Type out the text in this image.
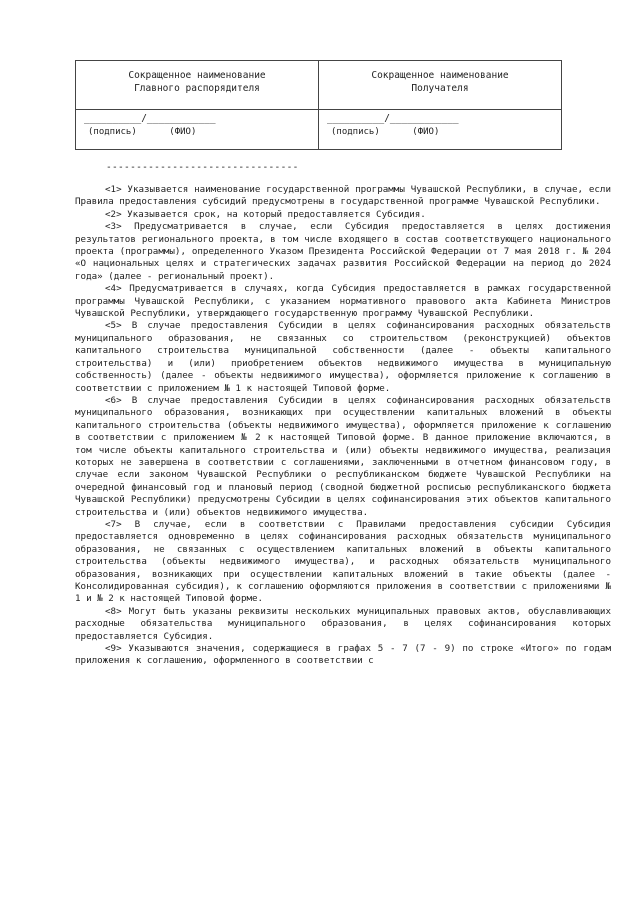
Сокращенное наименование
Главного распорядителя
__________/____________
(подпись)      (ФИО)
Сокращенное наименование
Получателя
__________/____________
(подпись)      (ФИО)
--------------------------------

<1> Указывается наименование государственной программы Чувашской Республики, в случае, если Правила предоставления субсидий предусмотрены в государственной программе Чувашской Республики.

<2> Указывается срок, на который предоставляется Субсидия.

<3> Предусматривается в случае, если Субсидия предоставляется в целях достижения результатов регионального проекта, в том числе входящего в состав соответствующего национального проекта (программы), определенного Указом Президента Российской Федерации от 7 мая 2018 г. № 204 «О национальных целях и стратегических задачах развития Российской Федерации на период до 2024 года» (далее - региональный проект).

<4> Предусматривается в случаях, когда Субсидия предоставляется в рамках государственной программы Чувашской Республики, с указанием нормативного правового акта Кабинета Министров Чувашской Республики, утверждающего государственную программу Чувашской Республики.

<5> В случае предоставления Субсидии в целях софинансирования расходных обязательств муниципального образования, не связанных со строительством (реконструкцией) объектов капитального строительства муниципальной собственности (далее - объекты капитального строительства) и (или) приобретением объектов недвижимого имущества в муниципальную собственность) (далее - объекты недвижимого имущества), оформляется приложение к соглашению в соответствии с приложением № 1 к настоящей Типовой форме.

<6> В случае предоставления Субсидии в целях софинансирования расходных обязательств муниципального образования, возникающих при осуществлении капитальных вложений в объекты капитального строительства (объекты недвижимого имущества), оформляется приложение к соглашению в соответствии с приложением № 2 к настоящей Типовой форме. В данное приложение включаются, в том числе объекты капитального строительства и (или) объекты недвижимого имущества, реализация которых не завершена в соответствии с соглашениями, заключенными в отчетном финансовом году, в случае если законом Чувашской Республики о республиканском бюджете Чувашской Республики на очередной финансовый год и плановый период (сводной бюджетной росписью республиканского бюджета Чувашской Республики) предусмотрены Субсидии в целях софинансирования этих объектов капитального строительства и (или) объектов недвижимого имущества.

<7> В случае, если в соответствии с Правилами предоставления субсидии Субсидия предоставляется одновременно в целях софинансирования расходных обязательств муниципального образования, не связанных с осуществлением капитальных вложений в объекты капитального строительства (объекты недвижимого имущества), и расходных обязательств муниципального образования, возникающих при осуществлении капитальных вложений в такие объекты (далее - Консолидированная субсидия), к соглашению оформляются приложения в соответствии с приложениями № 1 и № 2 к настоящей Типовой форме.

<8> Могут быть указаны реквизиты нескольких муниципальных правовых актов, обуславливающих расходные обязательства муниципального образования, в целях софинансирования которых предоставляется Субсидия.

<9> Указываются значения, содержащиеся в графах 5 - 7 (7 - 9) по строке «Итого» по годам приложения к соглашению, оформленного в соответствии с
